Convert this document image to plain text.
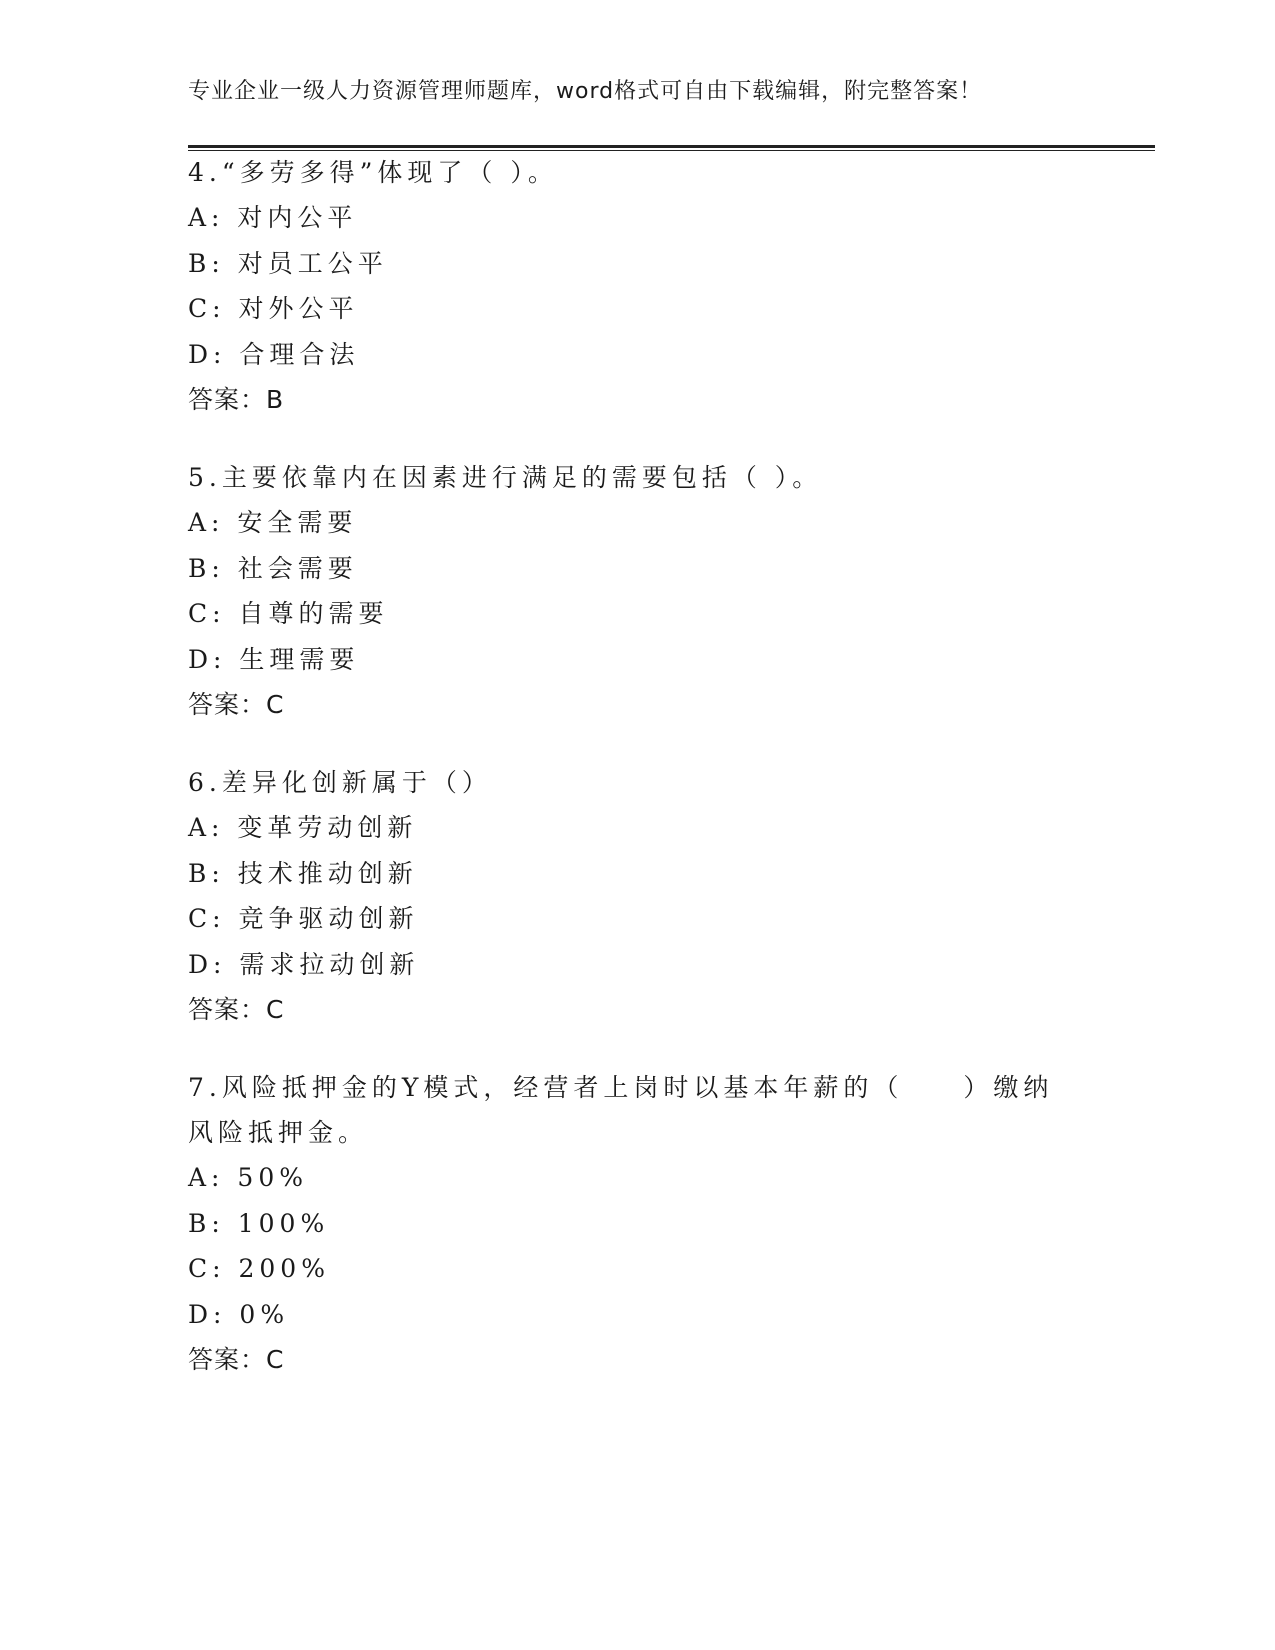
专业企业一级人力资源管理师题库，word格式可自由下载编辑，附完整答案！

4.“多劳多得”体现了（ ）。

A: 对内公平

B: 对员工公平

C: 对外公平

D: 合理合法

答案：B

5.主要依靠内在因素进行满足的需要包括（ ）。

A: 安全需要

B: 社会需要

C: 自尊的需要

D: 生理需要

答案：C

6.差异化创新属于（）

A: 变革劳动创新

B: 技术推动创新

C: 竞争驱动创新

D: 需求拉动创新

答案：C

7.风险抵押金的Y模式，经营者上岗时以基本年薪的（　　）缴纳风险抵押金。

A: 50%

B: 100%

C: 200%

D: 0%

答案：C
